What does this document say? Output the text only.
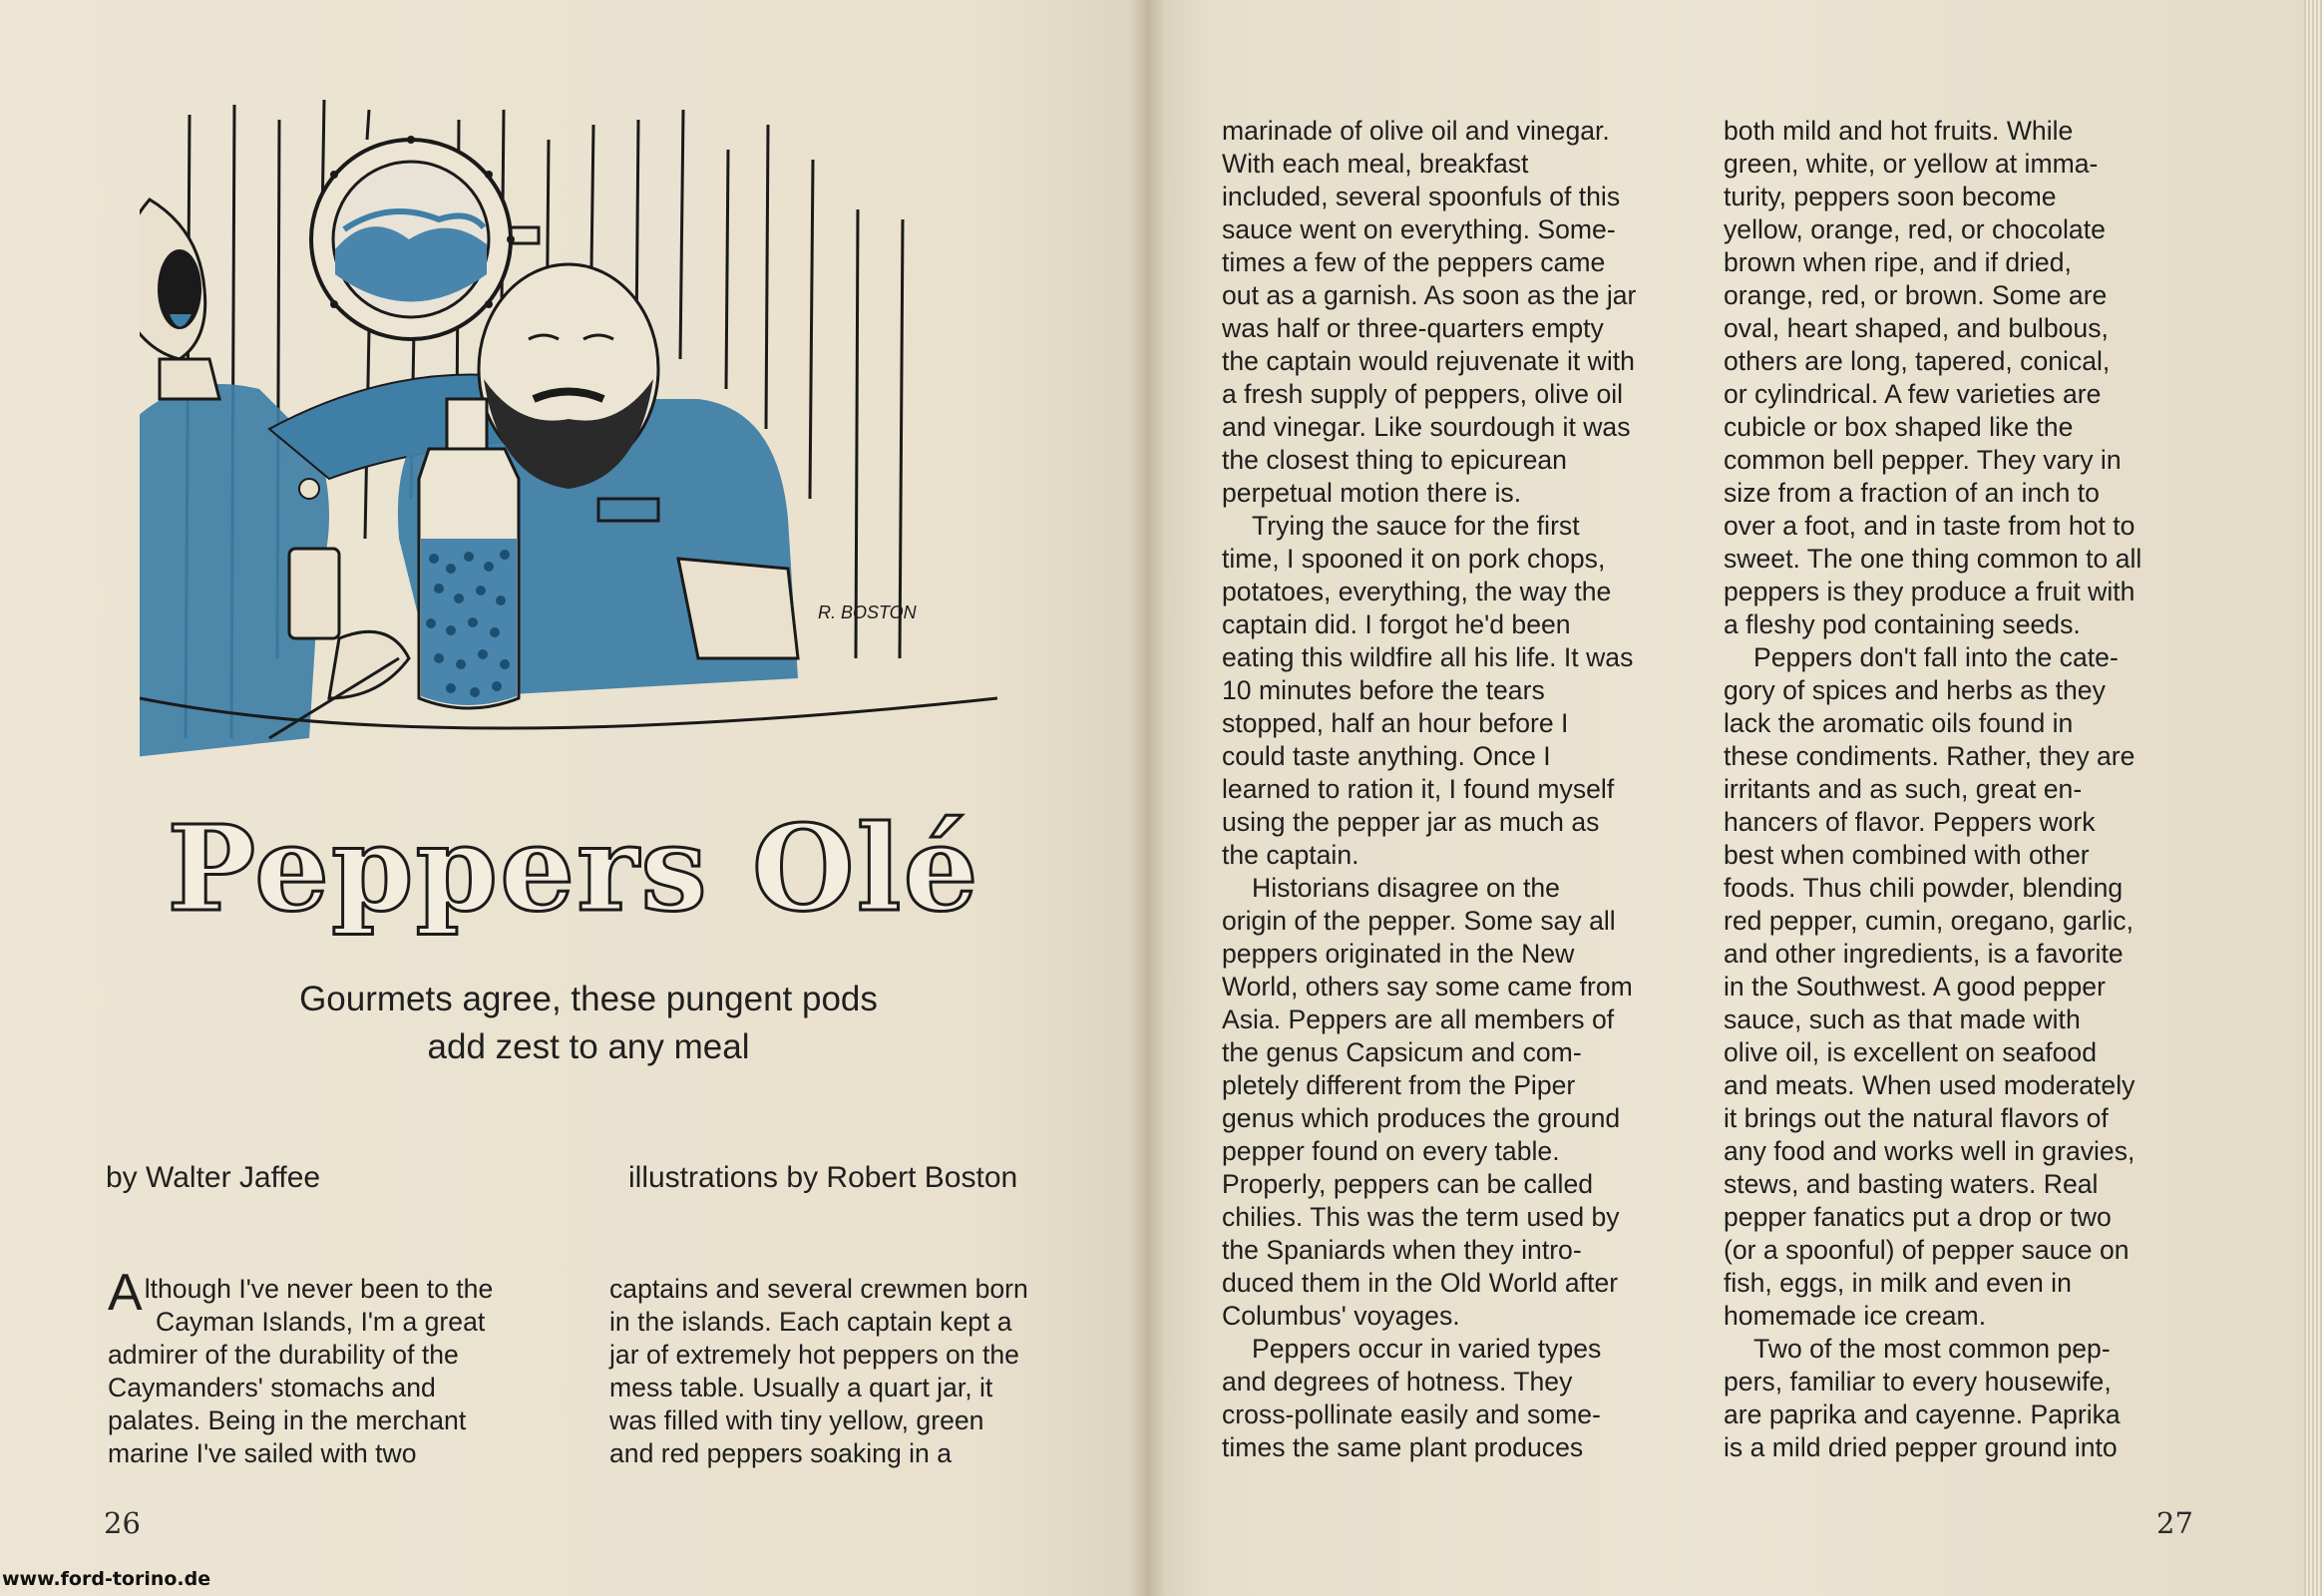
R. BOSTON
Peppers Olé
Gourmets agree, these pungent pods
add zest to any meal
by Walter Jaffee	illustrations by Robert Boston

Although I've never been to the

Cayman Islands, I'm a great

admirer of the durability of the

Caymanders' stomachs and

palates. Being in the merchant

marine I've sailed with two

captains and several crewmen born

in the islands. Each captain kept a

jar of extremely hot peppers on the

mess table. Usually a quart jar, it

was filled with tiny yellow, green

and red peppers soaking in a

marinade of olive oil and vinegar.

With each meal, breakfast

included, several spoonfuls of this

sauce went on everything. Some-

times a few of the peppers came

out as a garnish. As soon as the jar

was half or three-quarters empty

the captain would rejuvenate it with

a fresh supply of peppers, olive oil

and vinegar. Like sourdough it was

the closest thing to epicurean

perpetual motion there is.

Trying the sauce for the first

time, I spooned it on pork chops,

potatoes, everything, the way the

captain did. I forgot he'd been

eating this wildfire all his life. It was

10 minutes before the tears

stopped, half an hour before I

could taste anything. Once I

learned to ration it, I found myself

using the pepper jar as much as

the captain.

Historians disagree on the

origin of the pepper. Some say all

peppers originated in the New

World, others say some came from

Asia. Peppers are all members of

the genus Capsicum and com-

pletely different from the Piper

genus which produces the ground

pepper found on every table.

Properly, peppers can be called

chilies. This was the term used by

the Spaniards when they intro-

duced them in the Old World after

Columbus' voyages.

Peppers occur in varied types

and degrees of hotness. They

cross-pollinate easily and some-

times the same plant produces

both mild and hot fruits. While

green, white, or yellow at imma-

turity, peppers soon become

yellow, orange, red, or chocolate

brown when ripe, and if dried,

orange, red, or brown. Some are

oval, heart shaped, and bulbous,

others are long, tapered, conical,

or cylindrical. A few varieties are

cubicle or box shaped like the

common bell pepper. They vary in

size from a fraction of an inch to

over a foot, and in taste from hot to

sweet. The one thing common to all

peppers is they produce a fruit with

a fleshy pod containing seeds.

Peppers don't fall into the cate-

gory of spices and herbs as they

lack the aromatic oils found in

these condiments. Rather, they are

irritants and as such, great en-

hancers of flavor. Peppers work

best when combined with other

foods. Thus chili powder, blending

red pepper, cumin, oregano, garlic,

and other ingredients, is a favorite

in the Southwest. A good pepper

sauce, such as that made with

olive oil, is excellent on seafood

and meats. When used moderately

it brings out the natural flavors of

any food and works well in gravies,

stews, and basting waters. Real

pepper fanatics put a drop or two

(or a spoonful) of pepper sauce on

fish, eggs, in milk and even in

homemade ice cream.

Two of the most common pep-

pers, familiar to every housewife,

are paprika and cayenne. Paprika

is a mild dried pepper ground into

26	27
www.ford-torino.de
